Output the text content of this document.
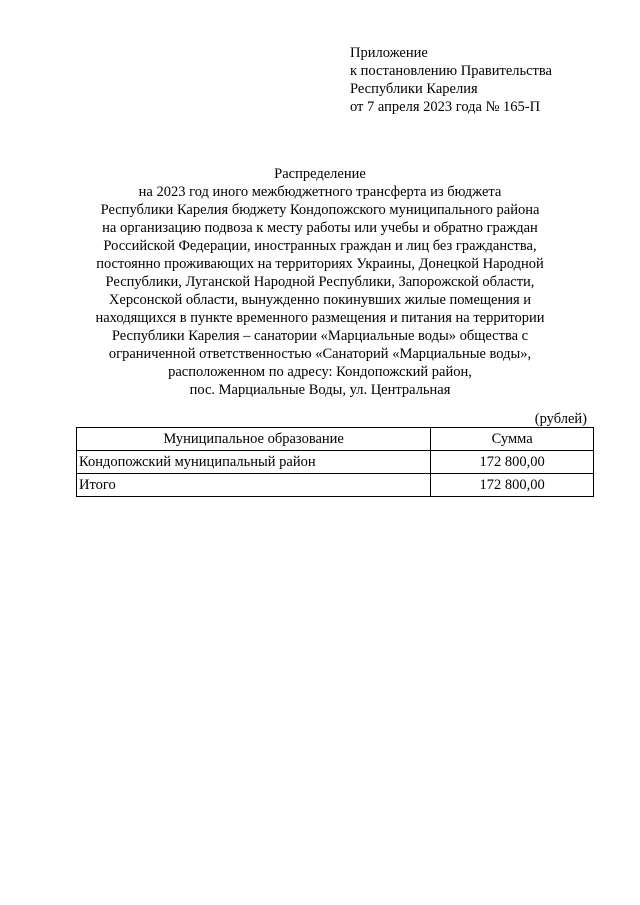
Приложение
к постановлению Правительства
Республики Карелия
от 7 апреля 2023 года № 165-П
Распределение
на 2023 год иного межбюджетного трансферта из бюджета
Республики Карелия бюджету Кондопожского муниципального района
на организацию подвоза к месту работы или учебы и обратно граждан
Российской Федерации, иностранных граждан и лиц без гражданства,
постоянно проживающих на территориях Украины, Донецкой Народной
Республики, Луганской Народной Республики, Запорожской области,
Херсонской области, вынужденно покинувших жилые помещения и
находящихся в пункте временного размещения и питания на территории
Республики Карелия – санатории «Марциальные воды» общества с
ограниченной ответственностью «Санаторий «Марциальные воды»,
расположенном по адресу: Кондопожский район,
пос. Марциальные Воды, ул. Центральная
(рублей)
Муниципальное образование	Сумма
Кондопожский муниципальный район	172 800,00
Итого	172 800,00
